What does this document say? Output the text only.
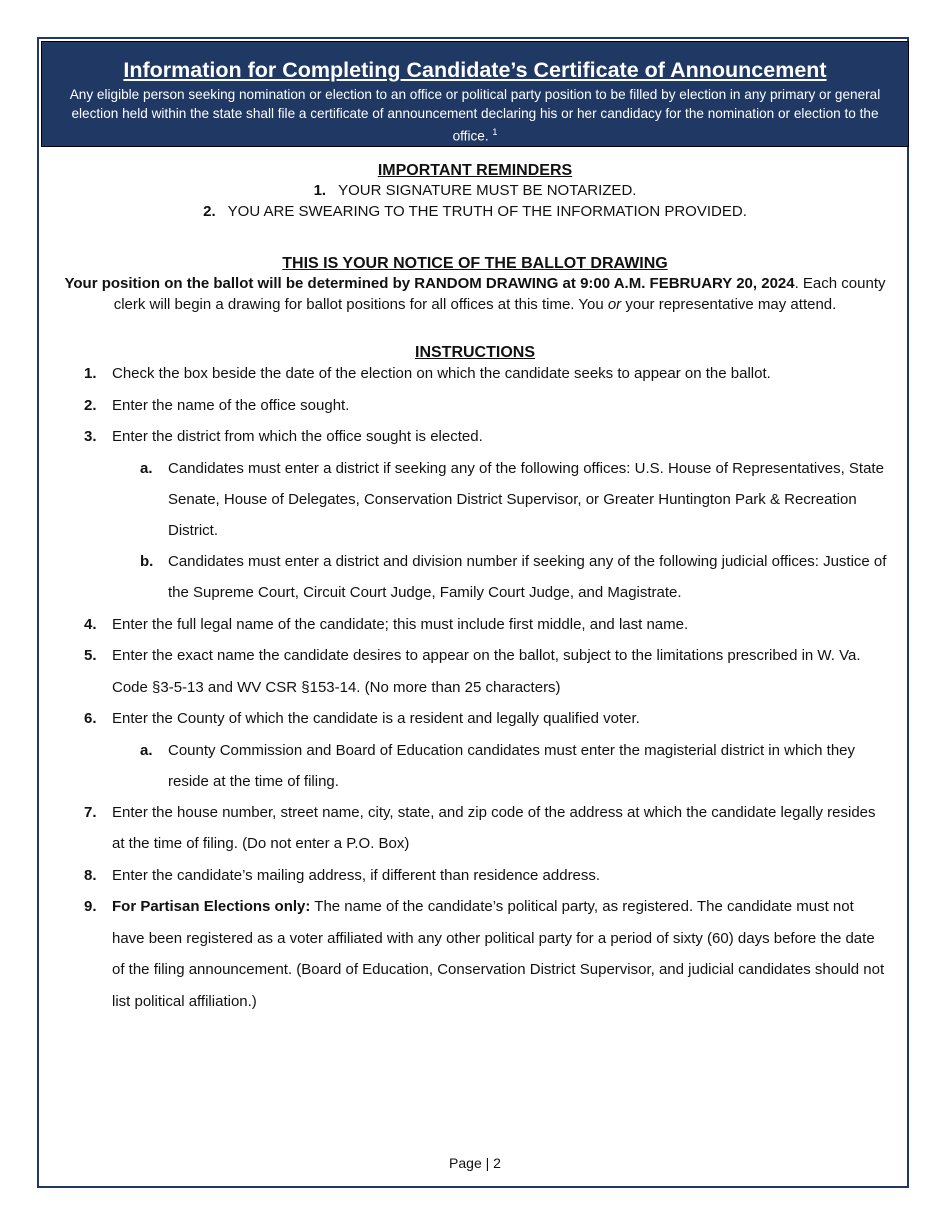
Information for Completing Candidate’s Certificate of Announcement

Any eligible person seeking nomination or election to an office or political party position to be filled by election in any primary or general election held within the state shall file a certificate of announcement declaring his or her candidacy for the nomination or election to the office. $^1$

IMPORTANT REMINDERS
1. YOUR SIGNATURE MUST BE NOTARIZED.
2. YOU ARE SWEARING TO THE TRUTH OF THE INFORMATION PROVIDED.
THIS IS YOUR NOTICE OF THE BALLOT DRAWING

Your position on the ballot will be determined by RANDOM DRAWING at 9:00 A.M. FEBRUARY 20, 2024. Each county clerk will begin a drawing for ballot positions for all offices at this time. You or your representative may attend.

INSTRUCTIONS
1. Check the box beside the date of the election on which the candidate seeks to appear on the ballot.
2. Enter the name of the office sought.
3. Enter the district from which the office sought is elected.
a. Candidates must enter a district if seeking any of the following offices: U.S. House of Representatives, State Senate, House of Delegates, Conservation District Supervisor, or Greater Huntington Park & Recreation District.
b. Candidates must enter a district and division number if seeking any of the following judicial offices: Justice of the Supreme Court, Circuit Court Judge, Family Court Judge, and Magistrate.
4. Enter the full legal name of the candidate; this must include first middle, and last name.
5. Enter the exact name the candidate desires to appear on the ballot, subject to the limitations prescribed in W. Va. Code §3-5-13 and WV CSR §153-14. (No more than 25 characters)
6. Enter the County of which the candidate is a resident and legally qualified voter.
a. County Commission and Board of Education candidates must enter the magisterial district in which they reside at the time of filing.
7. Enter the house number, street name, city, state, and zip code of the address at which the candidate legally resides at the time of filing. (Do not enter a P.O. Box)
8. Enter the candidate’s mailing address, if different than residence address.
9. For Partisan Elections only: The name of the candidate’s political party, as registered. The candidate must not have been registered as a voter affiliated with any other political party for a period of sixty (60) days before the date of the filing announcement. (Board of Education, Conservation District Supervisor, and judicial candidates should not list political affiliation.)
Page | 2
